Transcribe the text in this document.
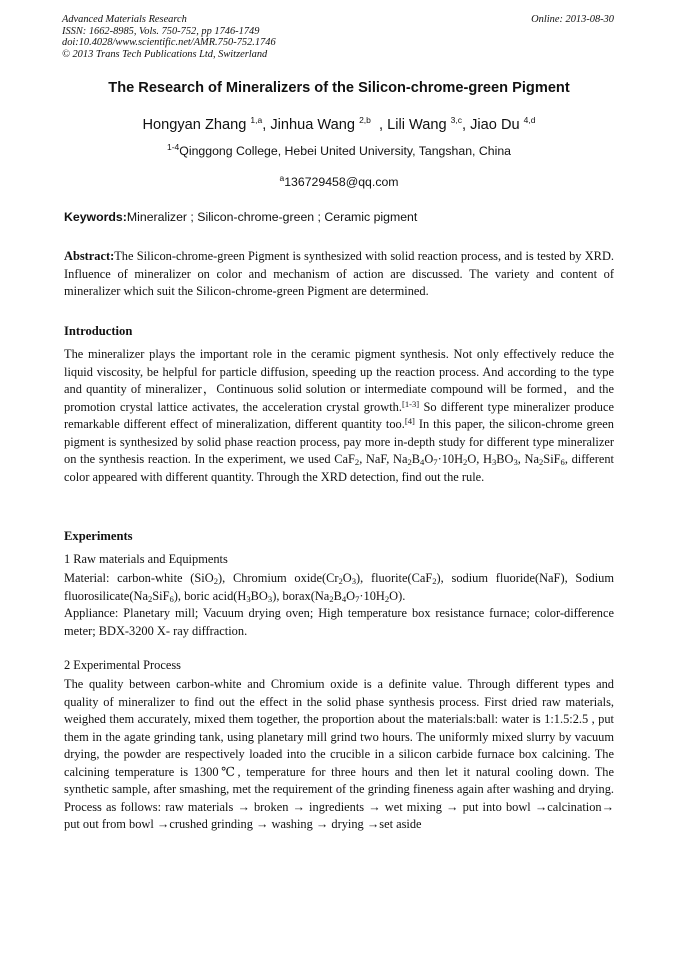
Advanced Materials Research
ISSN: 1662-8985, Vols. 750-752, pp 1746-1749
doi:10.4028/www.scientific.net/AMR.750-752.1746
© 2013 Trans Tech Publications Ltd, Switzerland
Online: 2013-08-30
The Research of Mineralizers of the Silicon-chrome-green Pigment
Hongyan Zhang $^{1,a}$, Jinhua Wang $^{2,b}$  , Lili Wang $^{3,c}$, Jiao Du $^{4,d}$
$^{1-4}$Qinggong College, Hebei United University, Tangshan, China
$^a$136729458@qq.com
Keywords:Mineralizer ; Silicon-chrome-green ; Ceramic pigment

Abstract:The Silicon-chrome-green Pigment is synthesized with solid reaction process, and is tested by XRD. Influence of mineralizer on color and mechanism of action are discussed. The variety and content of mineralizer which suit the Silicon-chrome-green Pigment are determined.

Introduction

The mineralizer plays the important role in the ceramic pigment synthesis. Not only effectively reduce the liquid viscosity, be helpful for particle diffusion, speeding up the reaction process. And according to the type and quantity of mineralizer，Continuous solid solution or intermediate compound will be formed，and the promotion crystal lattice activates, the acceleration crystal growth.[1-3] So different type mineralizer produce remarkable different effect of mineralization, different quantity too.[4] In this paper, the silicon-chrome green pigment is synthesized by solid phase reaction process, pay more in-depth study for different type mineralizer on the synthesis reaction. In the experiment, we used CaF$_2$, NaF, $Na_2B_4O_7\cdot 10H_2O$, $H_3BO_3$, $Na_2SiF_6$, different color appeared with different quantity. Through the XRD detection, find out the rule.

Experiments
1 Raw materials and Equipments

Material: carbon-white (SiO$_2$), Chromium $oxide(Cr_2O_3)$, fluorite(CaF$_2$), sodium fluoride(NaF), Sodium $fluorosilicate(Na_2SiF_6)$, boric $acid(H_3BO_3)$, $borax(Na_2B_4O_7\cdot 10H_2O)$.

Appliance: Planetary mill; Vacuum drying oven; High temperature box resistance furnace; color-difference meter; BDX-3200 X- ray diffraction.
2 Experimental Process
The quality between carbon-white and Chromium oxide is a definite value. Through different types and quality of mineralizer to find out the effect in the solid phase synthesis process. First dried raw materials, weighed them accurately, mixed them together, the proportion about the materials:ball: water is 1:1.5:2.5 , put them in the agate grinding tank, using planetary mill grind two hours. The uniformly mixed slurry by vacuum drying, the powder are respectively loaded into the crucible in a silicon carbide furnace box calcining. The calcining temperature is 1300℃, temperature for three hours and then let it natural cooling down. The synthetic sample, after smashing, met the requirement of the grinding fineness again after washing and drying. Process as follows: raw materials → broken → ingredients → wet mixing → put into bowl →calcination→ put out from bowl →crushed grinding → washing → drying →set aside
